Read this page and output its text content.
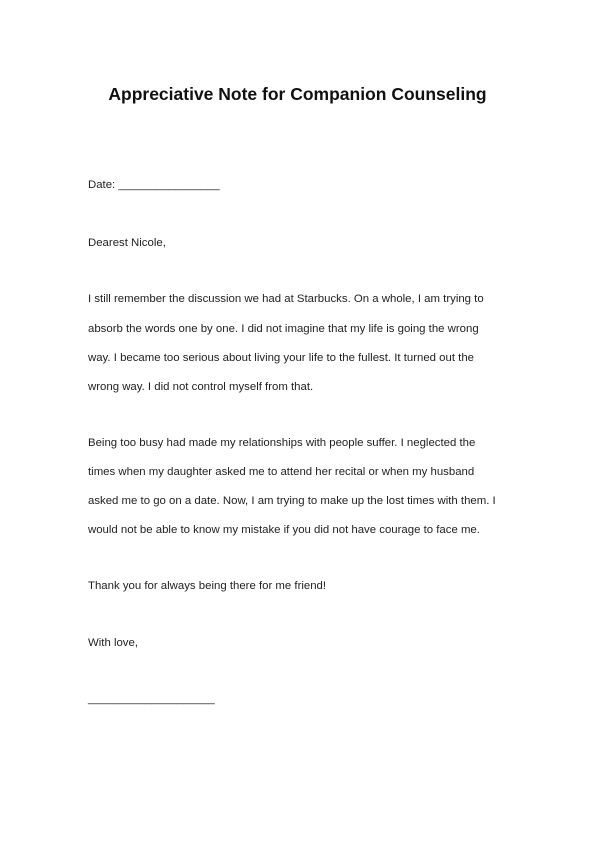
Appreciative Note for Companion Counseling
Date: ________________
Dearest Nicole,
I still remember the discussion we had at Starbucks. On a whole, I am trying to
absorb the words one by one. I did not imagine that my life is going the wrong
way. I became too serious about living your life to the fullest. It turned out the
wrong way. I did not control myself from that.
Being too busy had made my relationships with people suffer. I neglected the
times when my daughter asked me to attend her recital or when my husband
asked me to go on a date. Now, I am trying to make up the lost times with them. I
would not be able to know my mistake if you did not have courage to face me.
Thank you for always being there for me friend!
With love,
____________________
